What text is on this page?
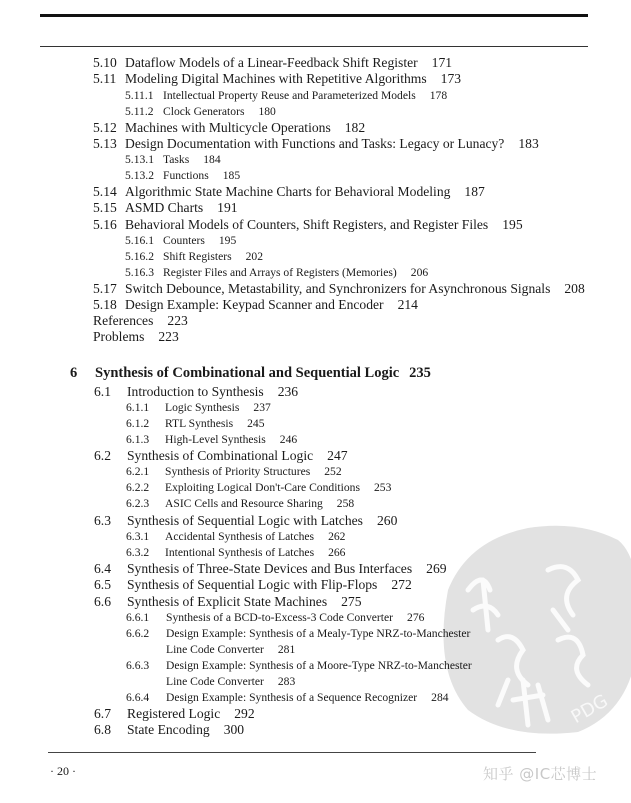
PDG
5.10 Dataflow Models of a Linear-Feedback Shift Register 171
5.11 Modeling Digital Machines with Repetitive Algorithms 173
5.11.1 Intellectual Property Reuse and Parameterized Models 178
5.11.2 Clock Generators 180
5.12 Machines with Multicycle Operations 182
5.13 Design Documentation with Functions and Tasks: Legacy or Lunacy? 183
5.13.1 Tasks 184
5.13.2 Functions 185
5.14 Algorithmic State Machine Charts for Behavioral Modeling 187
5.15 ASMD Charts 191
5.16 Behavioral Models of Counters, Shift Registers, and Register Files 195
5.16.1 Counters 195
5.16.2 Shift Registers 202
5.16.3 Register Files and Arrays of Registers (Memories) 206
5.17 Switch Debounce, Metastability, and Synchronizers for Asynchronous Signals 208
5.18 Design Example: Keypad Scanner and Encoder 214
References 223
Problems 223
6 Synthesis of Combinational and Sequential Logic 235
6.1 Introduction to Synthesis 236
6.1.1 Logic Synthesis 237
6.1.2 RTL Synthesis 245
6.1.3 High-Level Synthesis 246
6.2 Synthesis of Combinational Logic 247
6.2.1 Synthesis of Priority Structures 252
6.2.2 Exploiting Logical Don't-Care Conditions 253
6.2.3 ASIC Cells and Resource Sharing 258
6.3 Synthesis of Sequential Logic with Latches 260
6.3.1 Accidental Synthesis of Latches 262
6.3.2 Intentional Synthesis of Latches 266
6.4 Synthesis of Three-State Devices and Bus Interfaces 269
6.5 Synthesis of Sequential Logic with Flip-Flops 272
6.6 Synthesis of Explicit State Machines 275
6.6.1 Synthesis of a BCD-to-Excess-3 Code Converter 276
6.6.2 Design Example: Synthesis of a Mealy-Type NRZ-to-Manchester
Line Code Converter 281
6.6.3 Design Example: Synthesis of a Moore-Type NRZ-to-Manchester
Line Code Converter 283
6.6.4 Design Example: Synthesis of a Sequence Recognizer 284
6.7 Registered Logic 292
6.8 State Encoding 300
· 20 ·	知乎 @IC芯博士
